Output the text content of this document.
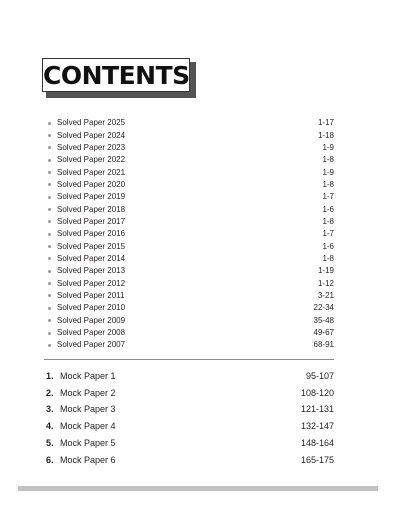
CONTENTS
Solved Paper 2025	1-17
Solved Paper 2024	1-18
Solved Paper 2023	1-9
Solved Paper 2022	1-8
Solved Paper 2021	1-9
Solved Paper 2020	1-8
Solved Paper 2019	1-7
Solved Paper 2018	1-6
Solved Paper 2017	1-8
Solved Paper 2016	1-7
Solved Paper 2015	1-6
Solved Paper 2014	1-8
Solved Paper 2013	1-19
Solved Paper 2012	1-12
Solved Paper 2011	3-21
Solved Paper 2010	22-34
Solved Paper 2009	35-48
Solved Paper 2008	49-67
Solved Paper 2007	68-91
1. Mock Paper 1	95-107
2. Mock Paper 2	108-120
3. Mock Paper 3	121-131
4. Mock Paper 4	132-147
5. Mock Paper 5	148-164
6. Mock Paper 6	165-175
